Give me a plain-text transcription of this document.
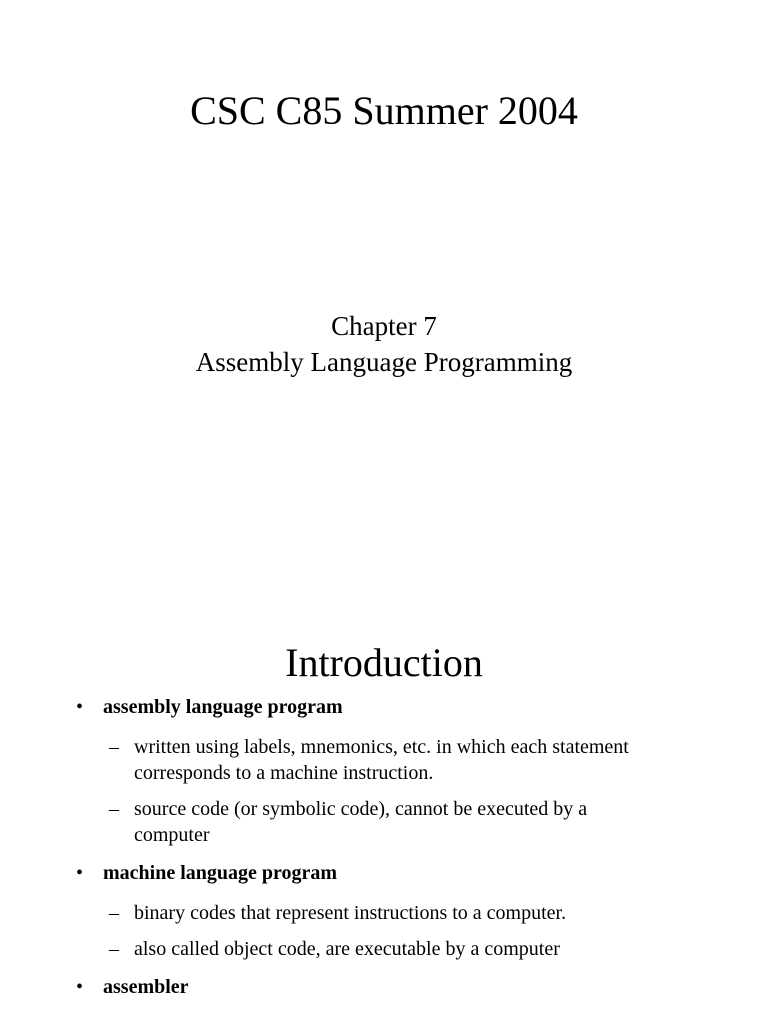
CSC C85 Summer 2004
Chapter 7
Assembly Language Programming
Introduction
• assembly language program
– written using labels, mnemonics, etc. in which each statement
corresponds to a machine instruction.
– source code (or symbolic code), cannot be executed by a
computer
• machine language program
– binary codes that represent instructions to a computer.
– also called object code, are executable by a computer
• assembler
